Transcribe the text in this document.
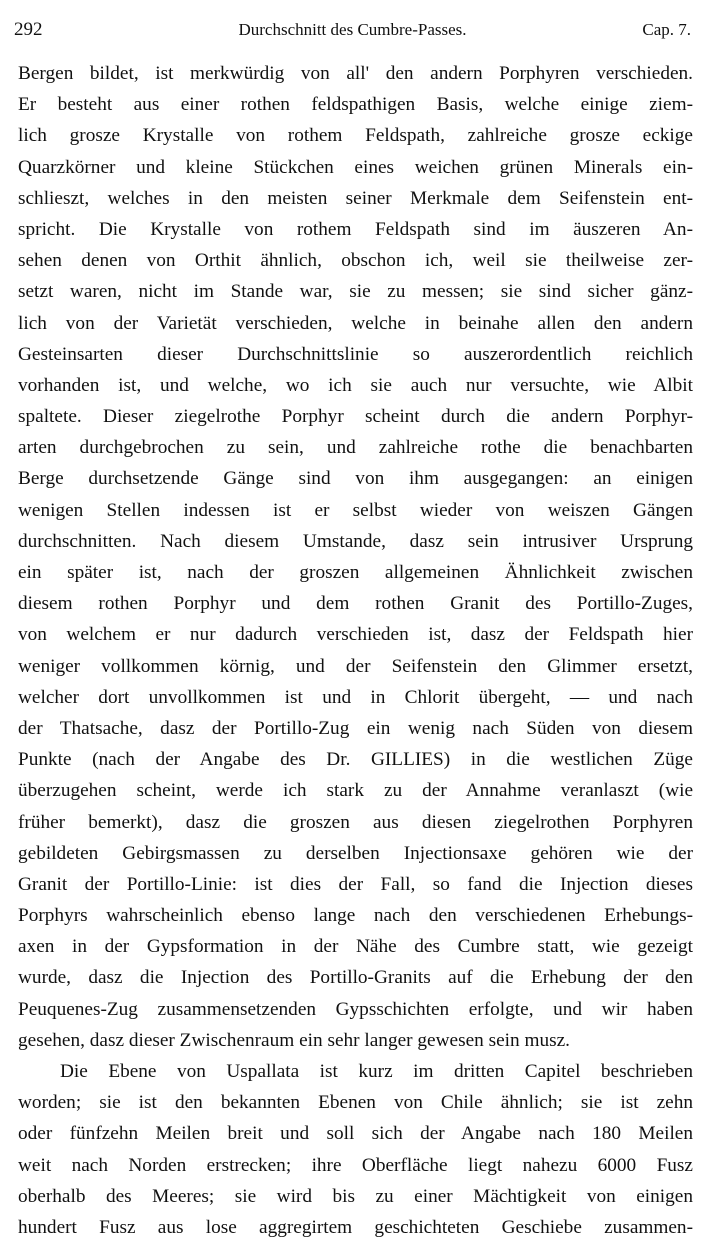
292	Durchschnitt des Cumbre-Passes.	Cap. 7.
Bergen bildet, ist merkwürdig von all' den andern Porphyren verschieden.
Er besteht aus einer rothen feldspathigen Basis, welche einige ziem-
lich grosze Krystalle von rothem Feldspath, zahlreiche grosze eckige
Quarzkörner und kleine Stückchen eines weichen grünen Minerals ein-
schlieszt, welches in den meisten seiner Merkmale dem Seifenstein ent-
spricht. Die Krystalle von rothem Feldspath sind im äuszeren An-
sehen denen von Orthit ähnlich, obschon ich, weil sie theilweise zer-
setzt waren, nicht im Stande war, sie zu messen; sie sind sicher gänz-
lich von der Varietät verschieden, welche in beinahe allen den andern
Gesteinsarten dieser Durchschnittslinie so auszerordentlich reichlich
vorhanden ist, und welche, wo ich sie auch nur versuchte, wie Albit
spaltete. Dieser ziegelrothe Porphyr scheint durch die andern Porphyr-
arten durchgebrochen zu sein, und zahlreiche rothe die benachbarten
Berge durchsetzende Gänge sind von ihm ausgegangen: an einigen
wenigen Stellen indessen ist er selbst wieder von weiszen Gängen
durchschnitten. Nach diesem Umstande, dasz sein intrusiver Ursprung
ein später ist, nach der groszen allgemeinen Ähnlichkeit zwischen
diesem rothen Porphyr und dem rothen Granit des Portillo-Zuges,
von welchem er nur dadurch verschieden ist, dasz der Feldspath hier
weniger vollkommen körnig, und der Seifenstein den Glimmer ersetzt,
welcher dort unvollkommen ist und in Chlorit übergeht, — und nach
der Thatsache, dasz der Portillo-Zug ein wenig nach Süden von diesem
Punkte (nach der Angabe des Dr. GILLIES) in die westlichen Züge
überzugehen scheint, werde ich stark zu der Annahme veranlaszt (wie
früher bemerkt), dasz die groszen aus diesen ziegelrothen Porphyren
gebildeten Gebirgsmassen zu derselben Injectionsaxe gehören wie der
Granit der Portillo-Linie: ist dies der Fall, so fand die Injection dieses
Porphyrs wahrscheinlich ebenso lange nach den verschiedenen Erhebungs-
axen in der Gypsformation in der Nähe des Cumbre statt, wie gezeigt
wurde, dasz die Injection des Portillo-Granits auf die Erhebung der den
Peuquenes-Zug zusammensetzenden Gypsschichten erfolgte, und wir haben
gesehen, dasz dieser Zwischenraum ein sehr langer gewesen sein musz.
Die Ebene von Uspallata ist kurz im dritten Capitel beschrieben
worden; sie ist den bekannten Ebenen von Chile ähnlich; sie ist zehn
oder fünfzehn Meilen breit und soll sich der Angabe nach 180 Meilen
weit nach Norden erstrecken; ihre Oberfläche liegt nahezu 6000 Fusz
oberhalb des Meeres; sie wird bis zu einer Mächtigkeit von einigen
hundert Fusz aus lose aggregirtem geschichteten Geschiebe zusammen-
